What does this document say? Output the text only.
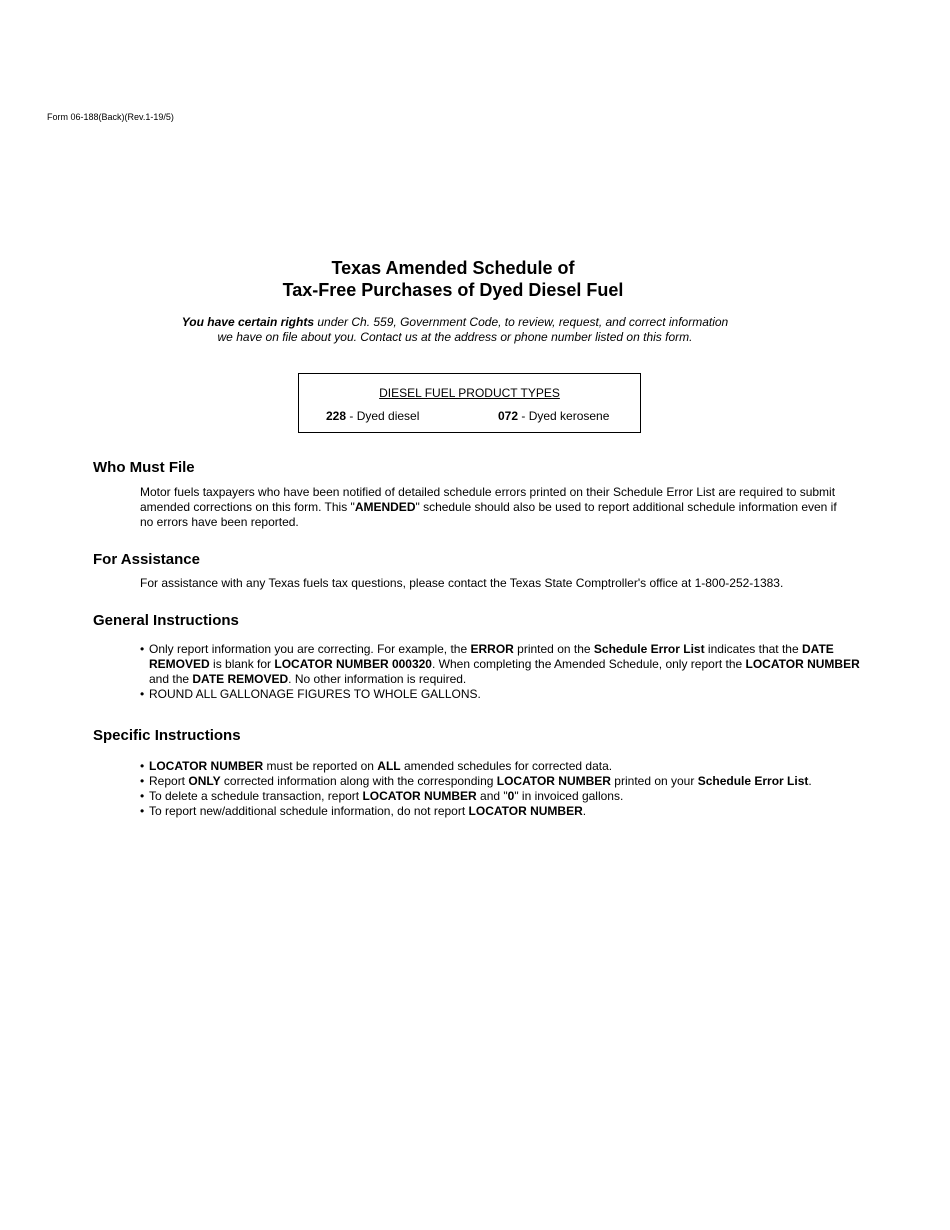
Form 06-188(Back)(Rev.1-19/5)
Texas Amended Schedule of
Tax-Free Purchases of Dyed Diesel Fuel
You have certain rights under Ch. 559, Government Code, to review, request, and correct information
we have on file about you. Contact us at the address or phone number listed on this form.
DIESEL FUEL PRODUCT TYPES
228 - Dyed diesel	072 - Dyed kerosene
Who Must File

Motor fuels taxpayers who have been notified of detailed schedule errors printed on their Schedule Error List are required to submit amended corrections on this form. This "AMENDED" schedule should also be used to report additional schedule information even if no errors have been reported.

For Assistance

For assistance with any Texas fuels tax questions, please contact the Texas State Comptroller's office at 1-800-252-1383.

General Instructions
• Only report information you are correcting. For example, the ERROR printed on the Schedule Error List indicates that the DATE REMOVED is blank for LOCATOR NUMBER 000320. When completing the Amended Schedule, only report the LOCATOR NUMBER and the DATE REMOVED. No other information is required.
• ROUND ALL GALLONAGE FIGURES TO WHOLE GALLONS.
Specific Instructions
• LOCATOR NUMBER must be reported on ALL amended schedules for corrected data.
• Report ONLY corrected information along with the corresponding LOCATOR NUMBER printed on your Schedule Error List.
• To delete a schedule transaction, report LOCATOR NUMBER and "0" in invoiced gallons.
• To report new/additional schedule information, do not report LOCATOR NUMBER.
